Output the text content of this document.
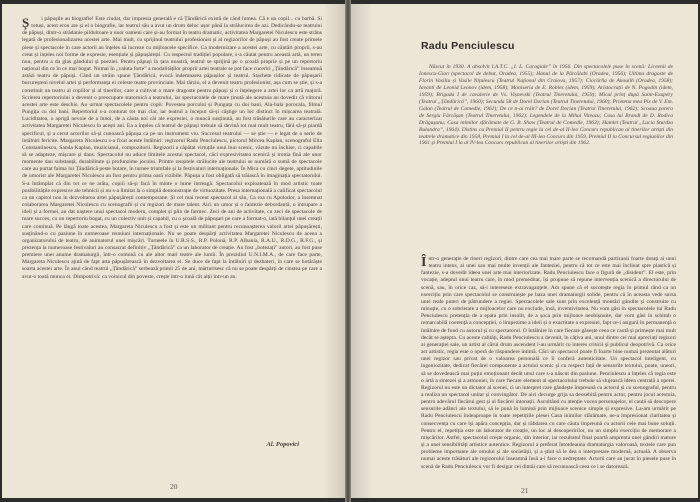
Ș i păpușile au biografie! Este ciudat, dar impresia generală e că Țăndărică există de când lumea. Că e un copil... cu barbă. Si totuși, acest erou are și el o biografie, iar teatrul său a avut un drum deloc ușor până la strălucirea de azi. Dedicându-se teatrului de păpuși, dintr-o strădanie pilduitoare a unor oameni care și-au format în teatru dramatic, activitatea Margaretei Niculescu este strâns legată de profesionalizarea acestei arte. Mai mult, cu sprijinul teatrului profesionist și al regizorilor de păpuși au fost create primele piese și spectacole în care actorii au înțeles să lucreze cu mijloacele specifice. Ca modernizare a acestei arte, cu căutări proprii, s-au creat și înțeles noi forme de expresie, esențiale și păpușărești. Cu respectul tradiției populare, s-a căutat pentru această artă, un teren nou, pentru a da glas gândului și poeziei. Pentru păpuși în țara noastră, teatrul se sprijină pe o școală proprie și pe un repertoriu național din ce în ce mai bogat. Numai în „valuta forte” a modalităților proprii artei teatrale se pot face cuceriri „Țăndărică” înseamnă astăzi teatru de păpuși. Când un străin spune Țăndărică, evocă îndemnarea păpușilor și teatrul. Stachete ridicate de păpușarii bucureșteni nivelul artei și performanța ei celeste teatre provinciale. Mai târziu, el a devenit teatru profesionist, așa cum se știe, și s-a constituit un teatru al copiilor și al tinerilor, care a cultivat o mare dragoste pentru păpuși și o înțelegere a artei lor ca artă majoră. Scrierea repertoriului a devenit o preocupare statornică a teatrului, iar spectacolele de mare ținută ale acestuia au dovedit că viitorul acestei arte este deschis. Au urmat spectacolele pentru copii: Povestea porcului și Punguța cu doi bani, Ala-bala porocala, filmul Pungița cu doi bani. Repertoriul s-a conturat tot mai clar, iar teatrul a început să-și câștige un loc distinct în mișcarea teatrală. Luciditatea, o aprigă nevoie de a înnoi, de a căuta noi căi ale expresiei, o muncă susținută, au fost trăsăturile care au caracterizat activitatea Margaretei Niculescu în acești ani. Ea a înțeles că teatrul de păpuși trebuie să devină tot mai mult teatru, fără să-și piardă specificul, și a cerut actorilor să-și cunoască păpușa ca pe un instrument viu. Succesul teatrului — se știe — e legat de o serie de întâlniri fericite. Margareta Niculescu s-a fixat aceste întâlniri: regizorul Radu Penciulescu, pictorul Mircea Kaplan, scenograful Ella Constantinescu, Sanda Kaplan, muzicianul, compozitorii. Regizorii a căpătat virtuțile unui bun scenic, văzute nu închise, ci capabile să se adapteze, mișcare și dans. Spectacolul nu aduce limitele acestui spectacol, căci expresivitatea scenică și ironia fină ale unor momente dau substanță, durabilitate și profunzime jocului. Printre reușitele strălucite ale teatrului se numără o sumă de spectacole care au purtat faima lui Țăndărică peste hotare, în turnee triumfale și la festivaluri internaționale. În Mica cu cinci degete, aptitudinile de umorist ale Margaretei Niculescu au fost pentru prima oară vizibile. Păpușa a fost obligată să trăiască în imaginația spectatorului. S-a întâmplat că din tot ce ne arăta, copiii să-și facă în minte o lume întreagă. Spectacolul exploatează în mod artistic toate posibilitățile expresive ale tehnicii și nu s-a limitat la o simplă demonstrație de virtuozitate. Presa internațională a calificat spectacolul ca un capitol nou în dezvoltarea artei păpușărești contemporane. Și cel mai recent spectacol al său, Ca roa cu Apolodor, a însemnat colaborarea Margaretei Niculescu cu scenografii și cu regizori de mare talent. Aici un umor și o fantezie debordantă, o întrupare a ideii și a formei, au dat naștere unui spectacol modern, complet și plin de farmec. Zeci de ani de activitate, cu zeci de spectacole de mare succes, cu un repertoriu bogat, cu un colectiv unit și capabil, cu o școală de păpușari pe care a format-o, iată bilanțul unei creații care continuă. Pe lângă toate acestea, Margareta Niculescu a fost și este un militant pentru recunoașterea valorii artei păpușărești, susținând-o cu pasiune în numeroase reuniuni internaționale. Nu se poate despărți activitatea Margaretei Niculescu de aceea a organizatorului de teatru, de animatorul unei mișcări. Turneele în U.R.S.S., R.P. Polonă, R.P. Albania, R.A.U., R.D.G., R.F.G., și prezența la numeroase festivaluri au consacrat definitiv „Țăndărică” ca un laborator de creație. Au fost „botezați” autori, au fost puse premiere unei anume dramaturgii, într-o comună cu ale altor mari teatre ale lumii. În prezidiul U.N.I.M.A., de care face parte, Margareta Niculescu ajută de fapt arta păpușărească în dezvoltarea ei. Se duce de fapt la întâlniri și dezbateri, în care se hotărăște soarta acestei arte. În anul când teatrul „Țăndărică” serbează primii 25 de ani, mărturisesc că nu se poate despărți de cinstea pe care a avut-o toată munca ei. Dimpotrivă: ca voinicul din poveste, crește într-o lună cât alții într-un an.

Al. Popovici
20
Radu Penciulescu

Născut în 1930. A absolvit I.A.T.C. „I. L. Caragiale” în 1956. Din spectacolele puse în scenă: Liceenii de Ionescu-Gion (spectacol de debut, Oradea, 1955); Hanul de la Pârcălabi (Oradea, 1956); Ultima dragoste de Florin Vasiliu și Vasile Nițulescu (Teatrul Național din Craiova, 1957); Ciocârlia de Anouilh (Oradea, 1958); Iavanti de Leonid Leonov (idem, 1958); Moniseria de E. Robles (idem, 1959); Aristocrații de N. Pogodin (idem, 1959); Brigada I de cavalerie de Vs. Vișnevski (Teatrul Tineretului, 1959); Micul prinț după Saint-Exupéry (Teatrul „Țăndărică”, 1960); Secunda 58 de Dorel Dorian (Teatrul Tineretului, 1960); Prietena mea Pix de V. Em. Galan (Teatrul de Comedie, 1961); De ce n-ai trăit? de Dorel Dorian (Teatrul Tineretului, 1962); Scoaua potera de Sergiu Fărcășan (Teatrul Tineretului, 1962); Legendele de la Mihai Viteazu; Casa lui Brandt de D. Rodica Drăgușanu; Casa inimilor sfărâmate de G. B. Shaw (Teatrul de Comedie, 1963); Hamlet (Teatrul „Lucia Sturdza Bulandra”, 1964). Distins cu Premiul II pentru regie la cel de-al II-lea Concurs republican al tinerilor artiști din teatrele dramatice din 1958, Premiul I la cel de-al III-lea Concurs din 1959, Premiul II la Concursul regiunilor din 1961 și Premiul I la al IV-lea Concurs republican al tinerilor artiști din 1962.

Într-o generație de tineri regizori, dintre care cea mai mare parte se recomandă partizanii foarte dotați ai unui teatru intens, ai unei sau mai multe invenții ale fanteziei, pentru că tot ce este mai înclinat spre plastică și fantezie, s-a dovedit ideea unei arte mai interiorizate. Radu Penciulescu face o figură de „disident”. El este, prin vocație, adeptul unui teatru care, în mod premeditat, își propune să repune intervenția scenică a directorului de scenă, sau, în orice caz, să-i intereseze extravaganțele. Am spune că el socotește regia în primul rând ca un exercițiu prin care spectacolul se construiește pe baza unei dramaturgii solide, pentru că în aceasta vede sursa unei reale puteri de pătrundere a regiei. Spectacolele sale sunt prin excelență montări gândite și construite cu minuție, cu o sobrietate a mijloacelor care nu exclude, însă, inventivitatea. Nu vom găsi în spectacolele lui Radu Penciulescu pretenția de a epata prin insolit, de a șoca prin mijloace neobișnuite, dar vom găsi în schimb o remarcabilă coerență a concepției, o limpezime a ideii și o exactitate a expresiei, fapt ce-i asigură în permanență o întâlnire de fond cu autorul și cu spectatorul. O întâlnire în care fiecare găsește ceea ce caută și primește mai mult decât se aștepta. Cu aceste calități, Radu Penciulescu a devenit, în câțiva ani, unul dintre cei mai apreciați regizori ai generației sale, un artist al cărui drum ascendent l-au urmărit cu interes criticii și publicul deopotrivă. Ca orice act artistic, regia este o operă de răspundere intimă. Căci un spectacol poate fi foarte bine numai prezentat alături unei regizor sau privat de o valoarea personală ce îi conferă autenticitate. Un spectacol inteligent, cu ingeniozitate, dedicat fiecărei componente a actului scenic și cu respect față de sensurile textului, poate, uneori, să se dovedească mai puțin emoționant decât unul care s-a născut din pasiune. Penciulescu a înțeles că regia este o artă a sintezei și a armoniei, în care fiecare element al spectacolului trebuie să slujească ideea centrală a operei. Regizorul nu este un dictator al scenei, ci un interpret care gândește împreună cu actorul și cu scenograful, pentru a realiza un spectacol unitar și convingător. De aici decurge grija sa deosebită pentru actor, pentru jocul acestuia, pentru adevărul fiecărui gest și al fiecărei intonații. Ascultând cu atenție vocea personajelor, el caută să descopere sensurile adânci ale textului, să le pună în lumină prin mijloace scenice simple și expresive. La-am urmărit pe Radu Penciulescu îndeaproape în toate repetițiile piesei Casa inimilor sfărâmate, ne-a impresionat claritatea și consecvența cu care își apăra concepția, dar și răbdarea cu care căuta împreună cu actorii cele mai bune soluții. Pentru el, repetiția este un laborator de creație, un loc al descoperirilor, nu un simplu exercițiu de memorare a mișcărilor. Astfel, spectacolul crește organic, din interior, iar rezultatul final poartă amprenta unei gândiri mature și a unei sensibilități artistice autentice. Regizorul a preferat întotdeauna dramaturgia valoroasă, textele care pun probleme importante ale omului și ale societății, și a știut să le dea o interpretare modernă, actuală. A observa numai aceste trăsături ale regizorului înseamnă însă a-i face o nedreptate. Actorii care au jucat în piesele puse în scenă de Radu Penciulescu vor fi desigur cei dintâi care să recunoască ceea ce i se datorează.

21
